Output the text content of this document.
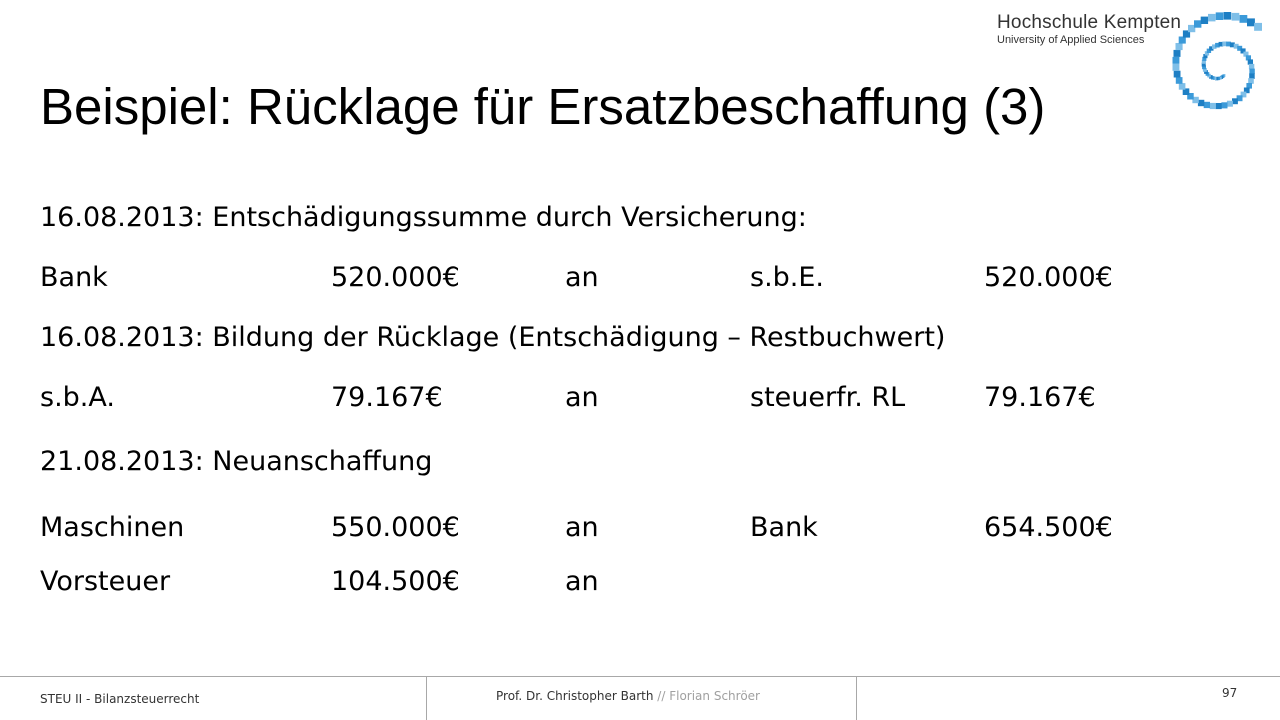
Hochschule Kempten
University of Applied Sciences
Beispiel: Rücklage für Ersatzbeschaffung (3)
16.08.2013: Entschädigungssumme durch Versicherung:
Bank	520.000€	an	s.b.E.	520.000€
16.08.2013: Bildung der Rücklage (Entschädigung – Restbuchwert)
s.b.A.	79.167€	an	steuerfr. RL	79.167€
21.08.2013: Neuanschaffung
Maschinen	550.000€	an	Bank	654.500€
Vorsteuer	104.500€	an
STEU II - Bilanzsteuerrecht	Prof. Dr. Christopher Barth // Florian Schröer	97
